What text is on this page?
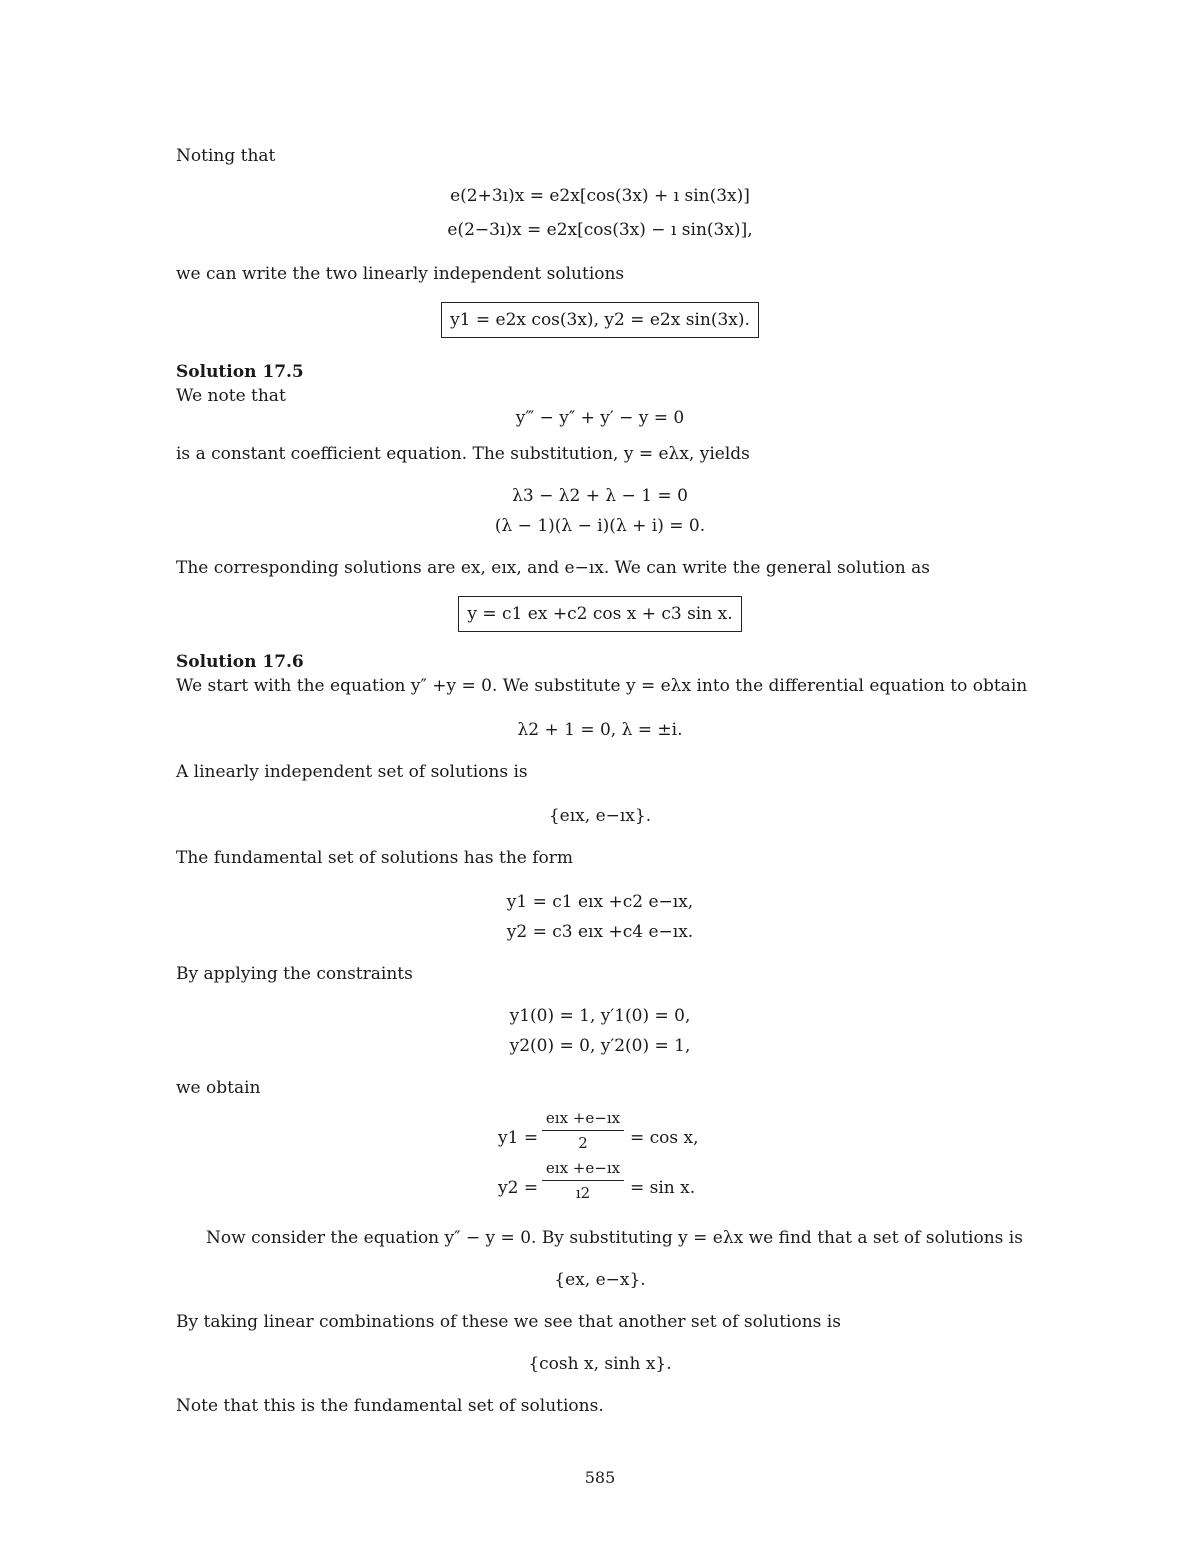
Noting that
e(2+3ı)x = e2x[cos(3x) + ı sin(3x)]
e(2−3ı)x = e2x[cos(3x) − ı sin(3x)],
we can write the two linearly independent solutions
y1 = e2x cos(3x), y2 = e2x sin(3x).
Solution 17.5
We note that
y‴ − y″ + y′ − y = 0
is a constant coefficient equation. The substitution, y = eλx, yields
λ3 − λ2 + λ − 1 = 0
(λ − 1)(λ − i)(λ + i) = 0.
The corresponding solutions are ex, eıx, and e−ıx. We can write the general solution as
y = c1 ex +c2 cos x + c3 sin x.
Solution 17.6
We start with the equation y″ +y = 0. We substitute y = eλx into the differential equation to obtain
λ2 + 1 = 0, λ = ±i.
A linearly independent set of solutions is
{eıx, e−ıx}.
The fundamental set of solutions has the form
y1 = c1 eıx +c2 e−ıx,
y2 = c3 eıx +c4 e−ıx.
By applying the constraints
y1(0) = 1, y′1(0) = 0,
y2(0) = 0, y′2(0) = 1,
we obtain
y1 =
eıx +e−ıx
2	= cos x,
y2 =
eıx +e−ıx
ı2	= sin x.
Now consider the equation y″ − y = 0. By substituting y = eλx we find that a set of solutions is
{ex, e−x}.
By taking linear combinations of these we see that another set of solutions is
{cosh x, sinh x}.
Note that this is the fundamental set of solutions.
585
